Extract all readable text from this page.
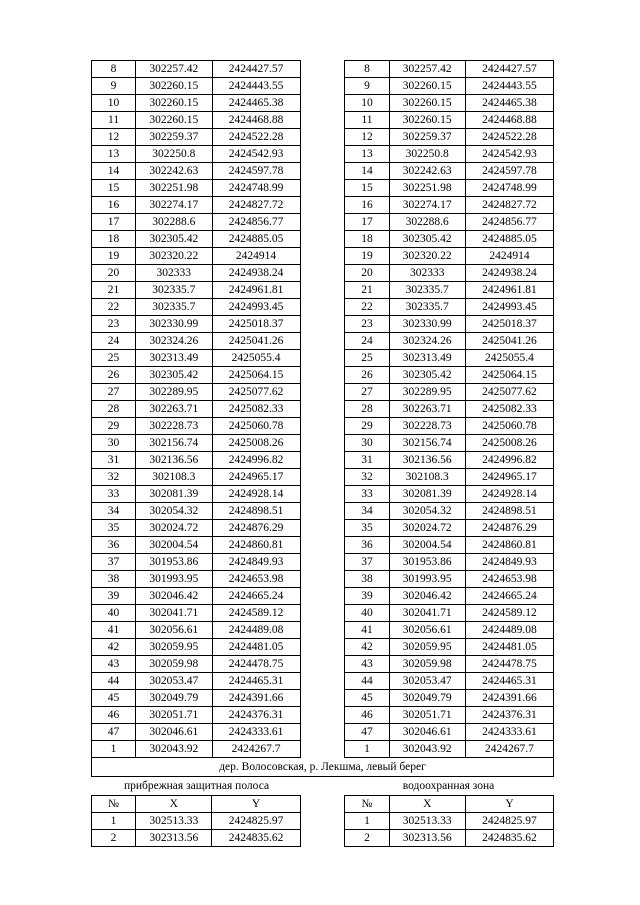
8	302257.42	2424427.57
9	302260.15	2424443.55
10	302260.15	2424465.38
11	302260.15	2424468.88
12	302259.37	2424522.28
13	302250.8	2424542.93
14	302242.63	2424597.78
15	302251.98	2424748.99
16	302274.17	2424827.72
17	302288.6	2424856.77
18	302305.42	2424885.05
19	302320.22	2424914
20	302333	2424938.24
21	302335.7	2424961.81
22	302335.7	2424993.45
23	302330.99	2425018.37
24	302324.26	2425041.26
25	302313.49	2425055.4
26	302305.42	2425064.15
27	302289.95	2425077.62
28	302263.71	2425082.33
29	302228.73	2425060.78
30	302156.74	2425008.26
31	302136.56	2424996.82
32	302108.3	2424965.17
33	302081.39	2424928.14
34	302054.32	2424898.51
35	302024.72	2424876.29
36	302004.54	2424860.81
37	301953.86	2424849.93
38	301993.95	2424653.98
39	302046.42	2424665.24
40	302041.71	2424589.12
41	302056.61	2424489.08
42	302059.95	2424481.05
43	302059.98	2424478.75
44	302053.47	2424465.31
45	302049.79	2424391.66
46	302051.71	2424376.31
47	302046.61	2424333.61
1	302043.92	2424267.7
8	302257.42	2424427.57
9	302260.15	2424443.55
10	302260.15	2424465.38
11	302260.15	2424468.88
12	302259.37	2424522.28
13	302250.8	2424542.93
14	302242.63	2424597.78
15	302251.98	2424748.99
16	302274.17	2424827.72
17	302288.6	2424856.77
18	302305.42	2424885.05
19	302320.22	2424914
20	302333	2424938.24
21	302335.7	2424961.81
22	302335.7	2424993.45
23	302330.99	2425018.37
24	302324.26	2425041.26
25	302313.49	2425055.4
26	302305.42	2425064.15
27	302289.95	2425077.62
28	302263.71	2425082.33
29	302228.73	2425060.78
30	302156.74	2425008.26
31	302136.56	2424996.82
32	302108.3	2424965.17
33	302081.39	2424928.14
34	302054.32	2424898.51
35	302024.72	2424876.29
36	302004.54	2424860.81
37	301953.86	2424849.93
38	301993.95	2424653.98
39	302046.42	2424665.24
40	302041.71	2424589.12
41	302056.61	2424489.08
42	302059.95	2424481.05
43	302059.98	2424478.75
44	302053.47	2424465.31
45	302049.79	2424391.66
46	302051.71	2424376.31
47	302046.61	2424333.61
1	302043.92	2424267.7
дер. Волосовская, р. Лекшма, левый берег
прибрежная защитная полоса	водоохранная зона
№	X	Y
1	302513.33	2424825.97
2	302313.56	2424835.62
№	X	Y
1	302513.33	2424825.97
2	302313.56	2424835.62
